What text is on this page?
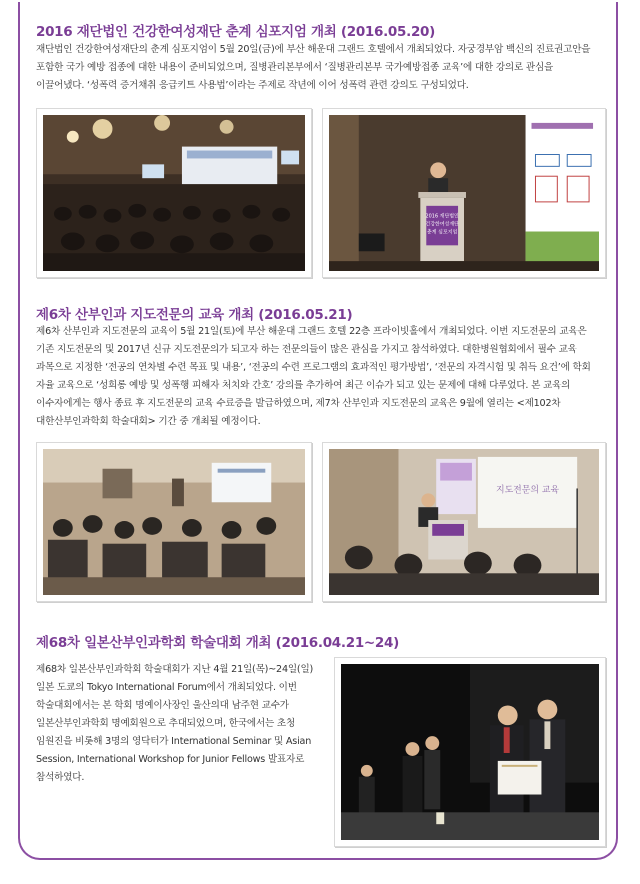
2016 재단법인 건강한여성재단 춘계 심포지엄 개최 (2016.05.20)
재단법인 건강한여성재단의 춘계 심포지엄이 5월 20일(금)에 부산 해운대 그랜드 호텔에서 개최되었다. 자궁경부암 백신의 진료권고안을
포함한 국가 예방 접종에 대한 내용이 준비되었으며, 질병관리본부에서 ‘질병관리본부 국가예방접종 교육’에 대한 강의로 관심을
이끌어냈다. ‘성폭력 증거채취 응급키트 사용법’이라는 주제로 작년에 이어 성폭력 관련 강의도 구성되었다.
2016 재단법인
건강한여성재단
춘계 심포지엄
제6차 산부인과 지도전문의 교육 개최 (2016.05.21)
제6차 산부인과 지도전문의 교육이 5월 21일(토)에 부산 해운대 그랜드 호텔 22층 프라이빗홀에서 개최되었다. 이번 지도전문의 교육은
기존 지도전문의 및 2017년 신규 지도전문의가 되고자 하는 전문의들이 많은 관심을 가지고 참석하였다. 대한병원협회에서 필수 교육
과목으로 지정한 ‘전공의 연차별 수련 목표 및 내용’, ‘전공의 수련 프로그램의 효과적인 평가방법’, ‘전문의 자격시험 및 취득 요건’에 학회
자율 교육으로 ‘성희롱 예방 및 성폭행 피해자 처치와 간호’ 강의를 추가하여 최근 이슈가 되고 있는 문제에 대해 다루었다. 본 교육의
이수자에게는 행사 종료 후 지도전문의 교육 수료증을 발급하였으며, 제7차 산부인과 지도전문의 교육은 9월에 열리는 <제102차
대한산부인과학회 학술대회> 기간 중 개최될 예정이다.
지도전문의 교육
제68차 일본산부인과학회 학술대회 개최 (2016.04.21~24)
제68차 일본산부인과학회 학술대회가 지난 4월 21일(목)~24일(일)
일본 도쿄의 Tokyo International Forum에서 개최되었다. 이번
학술대회에서는 본 학회 명예이사장인 울산의대 남주현 교수가
일본산부인과학회 명예회원으로 추대되었으며, 한국에서는 초청
임원진을 비롯해 3명의 영닥터가 International Seminar 및 Asian
Session, International Workshop for Junior Fellows 발표자로
참석하였다.
